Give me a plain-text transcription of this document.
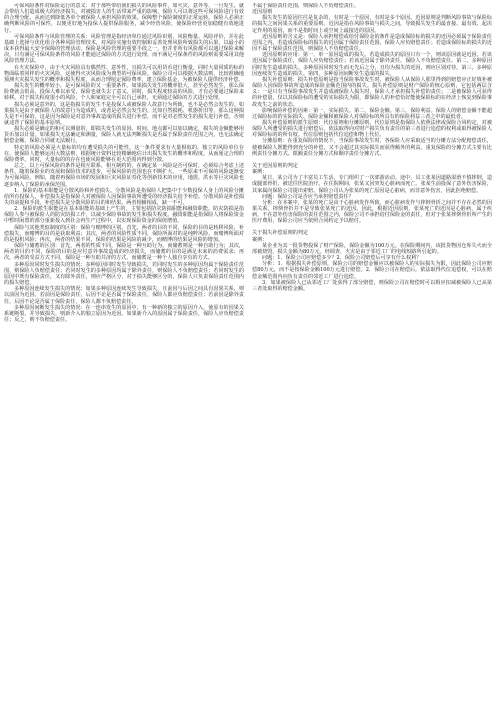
可保风险条件对保险运行的意义：对于那些带给我们损失的风险事件，如火灾、意外等，一旦发生，就会带给人们造成极大的经济损失，对被损害人的生活带来严重的影响，保险人可以将这些可保风险进行有效的合理分配，从而达到降低各单个被保险人承担风险的效果，保障整个保险制度的正常运转。保险人必须正确判断风险的可保性，以便更好地为投保人提供保险服务，减少经营风险，使保险经营更加稳健有效地进行。

可保风险条件与风险管理的关系：风险管理是指经济单位通过风险识别、风险衡量、风险评价，并在此基础上选择与优化组合各种风险管理技术，对风险实施有效控制和妥善处理风险所致损失的后果，以最小的成本获得最大安全保障的管理活动。保险是风险管理的重要手段之一，但并非所有风险都可以通过保险来解决，只有满足可保风险条件的风险才能通过保险的方式进行处理，而不满足可保条件的风险则需要采用其他风险管理方法。

在火灾保险中，由于火灾风险具有偶然性、意外性，且损失可以用货币进行衡量，同时大量同质的标的物面临着同样的火灾风险，这使得火灾风险成为典型的可保风险。保险公司可以根据大数法则，比较准确地预测火灾损失发生的概率和损失程度，从而合理厘定保险费率，建立保险基金，为被保险人提供经济补偿。

损失发生的概率较小，是可保风险的又一重要条件。如果损失发生的概率很大，甚至必然发生，那么保险费就会很高，投保人难以承受，保险也就失去了意义。同时，损失程度较高的风险，才有必要通过保险来转移。对于损失程度很小的风险，个人和家庭完全可以自己承担，无须通过保险的方式进行处理。

损失必须是意外的，这是指损失的发生不是投保人或被保险人故意行为所致，也不是必然会发生的。如果损失是由于被保险人的故意行为造成的，或者是必然会发生的，比如自然损耗、机器折旧等，那么这种损失是不可保的。这是因为保险是对意外事故造成的损失进行补偿，而不是对必然发生的损失进行补偿，否则就违背了保险的基本原则。

损失必须是确定的和可以测量的，即损失发生的原因、时间、地点都可以加以确定，损失的金额能够用货币加以计量。如果损失无法确定和测量，保险人就无法判断损失是否属于保险责任范围之内，也无法确定赔偿金额，保险合同就无法履行。

特定的风险必须是大量标的均有遭受损失的可能性。这一条件要求有大量相似的、独立的风险单位存在，使保险人能够运用大数法则，根据统计资料比较精确地估计出损失发生的概率和程度，从而厘定合理的保险费率。同时，大量标的的存在也使风险能够在更大范围内得到分散。

总之，以上可保风险的条件是相互联系、相互制约的，在确定某一风险是否可保时，必须综合考虑上述条件。随着保险业的发展和保险技术的进步，可保风险的范围也在不断扩大，一些原来不可保的风险逐渐变为可保风险。例如，随着再保险市场的发展和巨灾风险证券化等创新技术的应用，地震、洪水等巨灾风险也逐步纳入了保险的承保范围。

1．保险的基本职能是分散风险和补偿损失。分散风险是指保险人把集中于少数投保人身上的风险分摊给所有投保人，补偿损失是指保险人对被保险人因保险事故所遭受的经济损失给予补偿。分散风险是补偿损失的前提和手段，补偿损失是分散风险的目的和结果。两者相辅相成，缺一不可。

2．保险的派生职能是在基本职能的基础上产生的，主要包括防灾防损职能和融资职能。防灾防损是指保险人参与被保险人的防灾防损工作，以减少保险事故的发生和损失程度。融资职能是指保险人将保险资金中暂时闲置的部分重新投入到社会再生产过程中，以实现保险资金的保值增值。

保险与其他类似制度的区别：保险与赌博的区别。首先，两者的目的不同，保险的目的是转移风险、补偿损失，而赌博的目的是获取利益；其次，两者的风险性质不同，保险所面对的是纯粹风险，而赌博所面对的是投机风险；再次，两者的结果不同，保险的结果是风险的减少，而赌博的结果是风险的增加。

保险与储蓄的区别：首先，两者的性质不同，保险是一种互助行为，而储蓄则是一种自助行为；其次，两者的目的不同，保险的目的是应付意外事故造成的经济损失，而储蓄的目的是满足未来的消费需求；再次，两者的受益方式不同，保险是一种互助共济的方式，而储蓄是一种个人独自享有的方式。

多种原因同时发生损失的情况：多种原因同时发生导致损失，若同时发生的多种原因均属于保险责任范围，则保险人负赔偿责任；若同时发生的多种原因均属于除外责任，则保险人不负赔偿责任；若同时发生的原因中既有保险责任，又有除外责任，则应严格区分，对于损失能够区分的，保险人只负责保险责任范围内的损失赔偿。

多种原因连续发生损失的情况：如果多种原因连续发生导致损失，且前因与后因之间具有因果关系，则以前因为近因。若前因是保险责任，后因不论是否属于保险责任，保险人都应负赔偿责任；若前因是除外责任，后因不论是否属于保险责任，保险人都不负赔偿责任。

多种原因间断发生损失的情况：在一连串发生的原因中，有一种新的独立的原因介入，使原有的因果关系链断裂，并导致损失，则新介入的独立原因为近因。如果新介入的原因属于保险责任，保险人应负赔偿责任；反之，则不负赔偿责任。

不属于保险责任范围，则保险人不负赔偿责任。

近因原则

损失发生的原因往往是复杂的，有时是一个原因，有时是多个原因。近因原则是判断风险事故与保险标的损失之间因果关系的重要原则。近因是指在风险事故与损失之间，导致损失发生的最直接、最有效、起决定作用的原因，而不是指时间上或空间上最接近的原因。

近因原则的含义是：保险人承担赔偿或给付保险金的条件是造成保险标的损失的近因必须属于保险责任范围之内。若造成保险标的损失的近因属于保险责任范围，保险人应负赔偿责任；若造成保险标的损失的近因不属于保险责任范围，则保险人不负赔偿责任。

近因原则的应用：第一，单一原因造成的损失。若造成损失的原因只有一个，则该原因就是近因。若该近因属于保险责任，保险人应负赔偿责任；若该近因属于除外责任，保险人不负赔偿责任。第二，多种原因同时发生造成的损失。多种原因同时发生而无先后之分，且均为损失的近因，则应区别对待。第三，多种原因连续发生造成的损失。第四，多种原因间断发生造成的损失。

损失补偿原则：损失补偿原则是指当保险事故发生时，被保险人从保险人那里得到的赔偿应正好填补被保险人因保险事故所造成的保险金额范围内的损失。损失补偿原则是财产保险的核心原则，它包括两层含义：一是只有当保险事故发生并造成被保险人损失时，保险人才承担损失补偿的责任；二是被保险人可获得的补偿量，仅以其保险标的遭受的实际损失为限，即保险人的补偿恰好能使保险标的在经济上恢复到保险事故发生之前的状态。

影响保险补偿的因素：第一，实际损失。第二，保险金额。第三，保险利益。保险人的赔偿金额不能超过保险标的的实际损失、保险金额和被保险人对保险标的所具有的保险利益三者之中的最低者。

损失补偿原则的派生原则：代位原则和分摊原则。代位原则是指保险人依照法律或保险合同约定，对被保险人所遭受的损失进行赔偿后，依法取得向对财产损失负有责任的第三者进行追偿的权利或取得被保险人对保险标的的所有权。代位原则包括代位追偿和物上代位。

分摊原则：在重复保险的情况下，当保险事故发生时，各保险人应采取适当的分摊方法分配赔偿责任，使被保险人既能得到充分的补偿，又不会超过其实际损失而获得额外的利益。重复保险的分摊方式主要有比例责任分摊方式、限额责任分摊方式和顺序责任分摊方式。

关于近因原则的判定

案例：

某日，某公司为了丰富员工生活，专门组织了一次郊游活动。途中，员工张某因道路湿滑不慎摔倒，造成腿部骨折，被送往医院治疗。在住院期间，张某又因突发心脏病而死亡。张某生前投保了意外伤害保险，其家属向保险公司提出索赔。保险公司认为张某的死亡原因是心脏病，而非意外伤害，因此拒绝赔偿。

问题：保险公司是否应当承担赔偿责任？

分析：在本案中，张某的死亡是由于心脏病发作所致，而心脏病发作与摔倒骨折之间并不存在必然的因果关系，摔倒骨折并不是导致张某死亡的近因。因此，根据近因原则，张某死亡的近因是心脏病，属于疾病，不在意外伤害保险的责任范围之内，保险公司不承担给付保险金的责任，但对于张某摔倒骨折所产生的医疗费用，保险公司应当依照合同约定予以赔付。

关于损失补偿原则的判定

案例：

某企业为其一批货物投保了财产保险，保险金额为100万元。在保险期间内，该批货物因仓库失火而全部被烧毁，损失金额为80万元。经调查，火灾是由于邻近工厂的电线短路所引起的。

问题：1．保险公司应赔偿多少？2．保险公司赔偿后可享有什么权利？

分析：1．根据损失补偿原则，保险公司的赔偿金额应以被保险人的实际损失为限，因此保险公司应赔偿80万元，而不是按保险金额100万元进行赔偿。2．保险公司在赔偿后，依法取得代位追偿权，可以在赔偿金额范围内向负有责任的邻近工厂进行追偿。

3．如果被保险人已从邻近工厂处获得了部分赔偿，则保险公司在赔偿时可以相应扣减被保险人已从第三者处取得的赔偿金额。
